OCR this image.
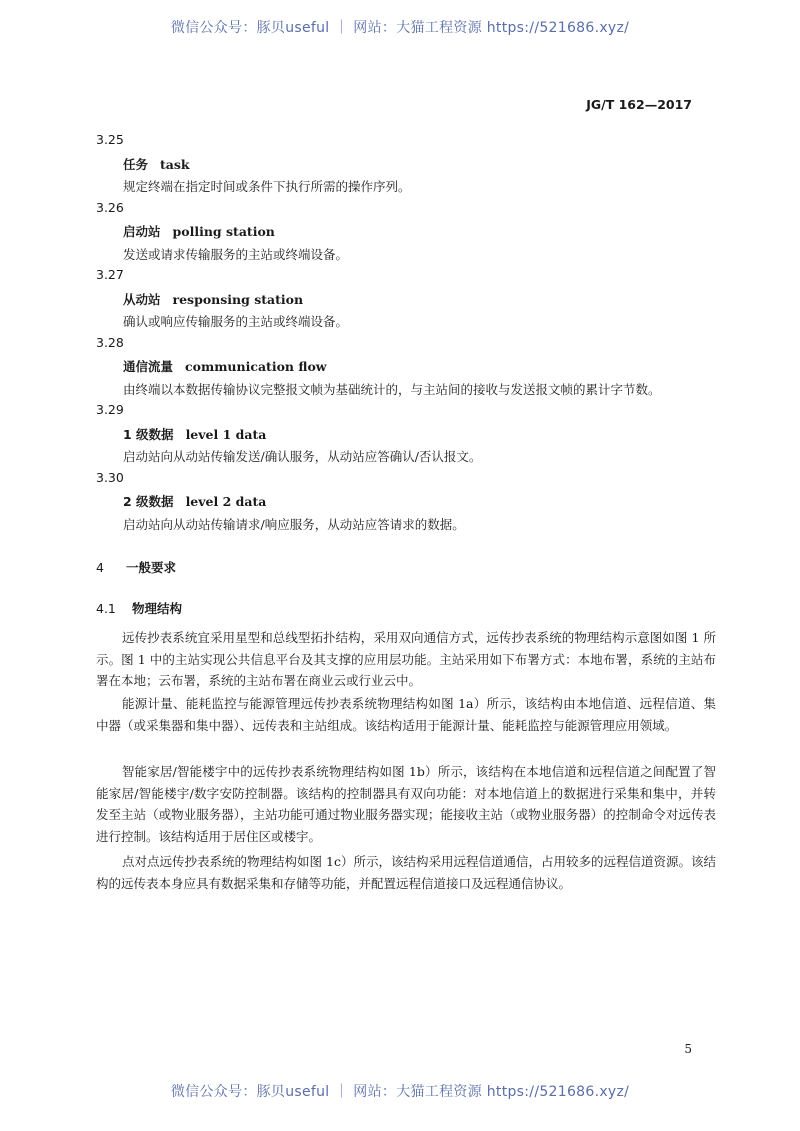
微信公众号：豚贝useful ｜ 网站：大猫工程资源 https://521686.xyz/
JG/T 162—2017
3.25
任务 task
规定终端在指定时间或条件下执行所需的操作序列。
3.26
启动站 polling station
发送或请求传输服务的主站或终端设备。
3.27
从动站 responsing station
确认或响应传输服务的主站或终端设备。
3.28
通信流量 communication flow
由终端以本数据传输协议完整报文帧为基础统计的，与主站间的接收与发送报文帧的累计字节数。
3.29
1 级数据 level 1 data
启动站向从动站传输发送/确认服务，从动站应答确认/否认报文。
3.30
2 级数据 level 2 data
启动站向从动站传输请求/响应服务，从动站应答请求的数据。
4 一般要求
4.1 物理结构
远传抄表系统宜采用星型和总线型拓扑结构，采用双向通信方式，远传抄表系统的物理结构示意图如图 1 所示。图 1 中的主站实现公共信息平台及其支撑的应用层功能。主站采用如下布署方式：本地布署，系统的主站布署在本地；云布署，系统的主站布署在商业云或行业云中。
能源计量、能耗监控与能源管理远传抄表系统物理结构如图 1a）所示，该结构由本地信道、远程信道、集中器（或采集器和集中器）、远传表和主站组成。该结构适用于能源计量、能耗监控与能源管理应用领域。
智能家居/智能楼宇中的远传抄表系统物理结构如图 1b）所示，该结构在本地信道和远程信道之间配置了智能家居/智能楼宇/数字安防控制器。该结构的控制器具有双向功能：对本地信道上的数据进行采集和集中，并转发至主站（或物业服务器），主站功能可通过物业服务器实现；能接收主站（或物业服务器）的控制命令对远传表进行控制。该结构适用于居住区或楼宇。
点对点远传抄表系统的物理结构如图 1c）所示，该结构采用远程信道通信，占用较多的远程信道资源。该结构的远传表本身应具有数据采集和存储等功能，并配置远程信道接口及远程通信协议。
5
微信公众号：豚贝useful ｜ 网站：大猫工程资源 https://521686.xyz/
